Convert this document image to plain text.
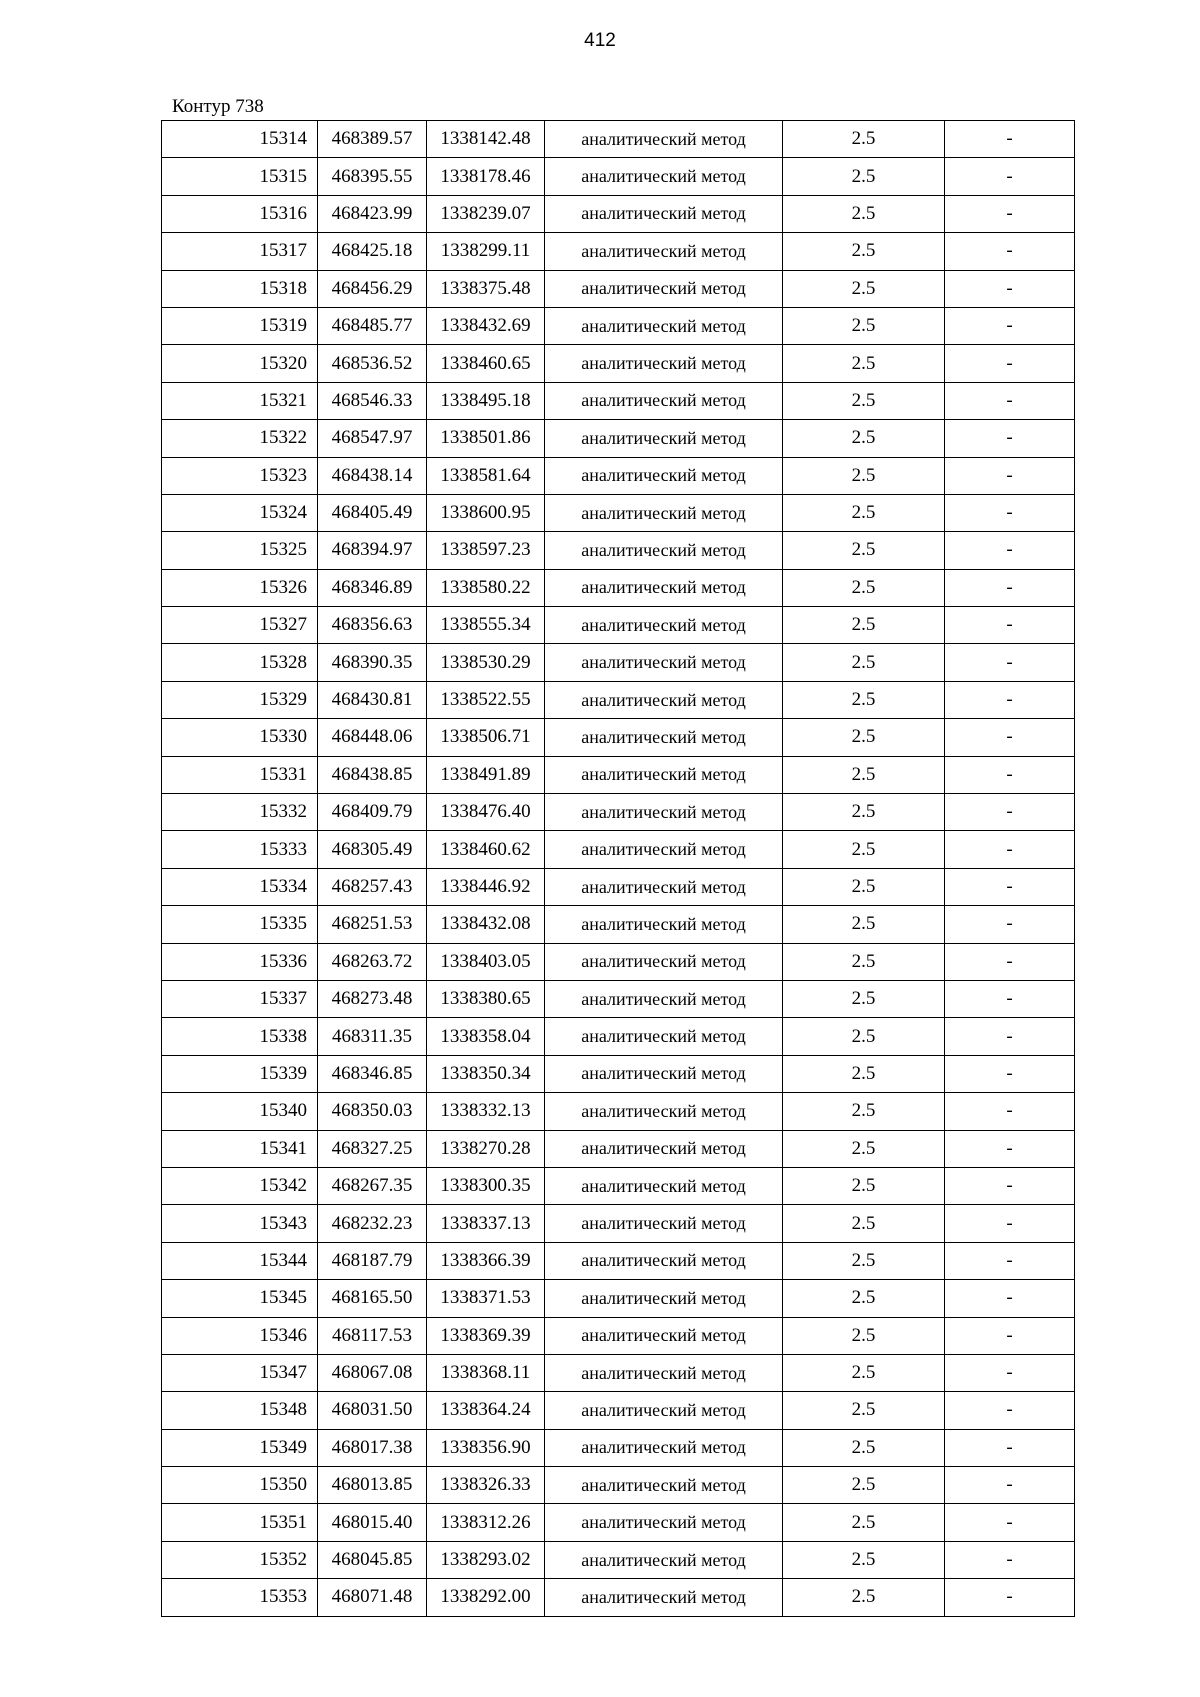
412
Контур 738
15314	468389.57	1338142.48	аналитический метод	2.5	-
15315	468395.55	1338178.46	аналитический метод	2.5	-
15316	468423.99	1338239.07	аналитический метод	2.5	-
15317	468425.18	1338299.11	аналитический метод	2.5	-
15318	468456.29	1338375.48	аналитический метод	2.5	-
15319	468485.77	1338432.69	аналитический метод	2.5	-
15320	468536.52	1338460.65	аналитический метод	2.5	-
15321	468546.33	1338495.18	аналитический метод	2.5	-
15322	468547.97	1338501.86	аналитический метод	2.5	-
15323	468438.14	1338581.64	аналитический метод	2.5	-
15324	468405.49	1338600.95	аналитический метод	2.5	-
15325	468394.97	1338597.23	аналитический метод	2.5	-
15326	468346.89	1338580.22	аналитический метод	2.5	-
15327	468356.63	1338555.34	аналитический метод	2.5	-
15328	468390.35	1338530.29	аналитический метод	2.5	-
15329	468430.81	1338522.55	аналитический метод	2.5	-
15330	468448.06	1338506.71	аналитический метод	2.5	-
15331	468438.85	1338491.89	аналитический метод	2.5	-
15332	468409.79	1338476.40	аналитический метод	2.5	-
15333	468305.49	1338460.62	аналитический метод	2.5	-
15334	468257.43	1338446.92	аналитический метод	2.5	-
15335	468251.53	1338432.08	аналитический метод	2.5	-
15336	468263.72	1338403.05	аналитический метод	2.5	-
15337	468273.48	1338380.65	аналитический метод	2.5	-
15338	468311.35	1338358.04	аналитический метод	2.5	-
15339	468346.85	1338350.34	аналитический метод	2.5	-
15340	468350.03	1338332.13	аналитический метод	2.5	-
15341	468327.25	1338270.28	аналитический метод	2.5	-
15342	468267.35	1338300.35	аналитический метод	2.5	-
15343	468232.23	1338337.13	аналитический метод	2.5	-
15344	468187.79	1338366.39	аналитический метод	2.5	-
15345	468165.50	1338371.53	аналитический метод	2.5	-
15346	468117.53	1338369.39	аналитический метод	2.5	-
15347	468067.08	1338368.11	аналитический метод	2.5	-
15348	468031.50	1338364.24	аналитический метод	2.5	-
15349	468017.38	1338356.90	аналитический метод	2.5	-
15350	468013.85	1338326.33	аналитический метод	2.5	-
15351	468015.40	1338312.26	аналитический метод	2.5	-
15352	468045.85	1338293.02	аналитический метод	2.5	-
15353	468071.48	1338292.00	аналитический метод	2.5	-
